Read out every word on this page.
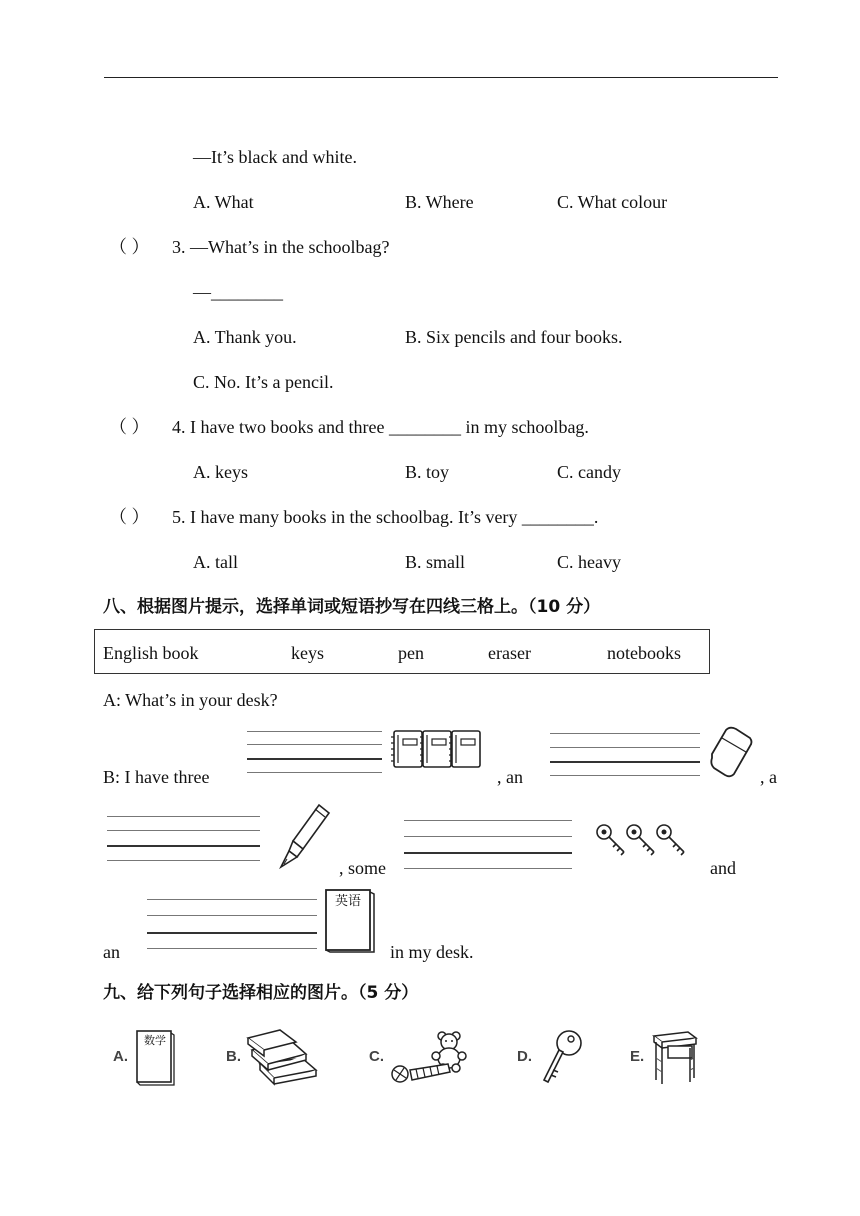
—It’s black and white.
A. What	B. Where	C. What colour
（ ） 3. —What’s in the schoolbag?
—________
A. Thank you.	B. Six pencils and four books.
C. No. It’s a pencil.
（ ） 4. I have two books and three ________ in my schoolbag.
A. keys	B. toy	C. candy
（ ） 5. I have many books in the schoolbag. It’s very ________.
A. tall	B. small	C. heavy
八、根据图片提示，选择单词或短语抄写在四线三格上。（10 分）
English book	keys	pen	eraser	notebooks
A: What’s in your desk?
B: I have three	, an	, a
, some	and
an
英语
in my desk.
九、给下列句子选择相应的图片。（5 分）
A.
数学
B.	C.	D.	E.
